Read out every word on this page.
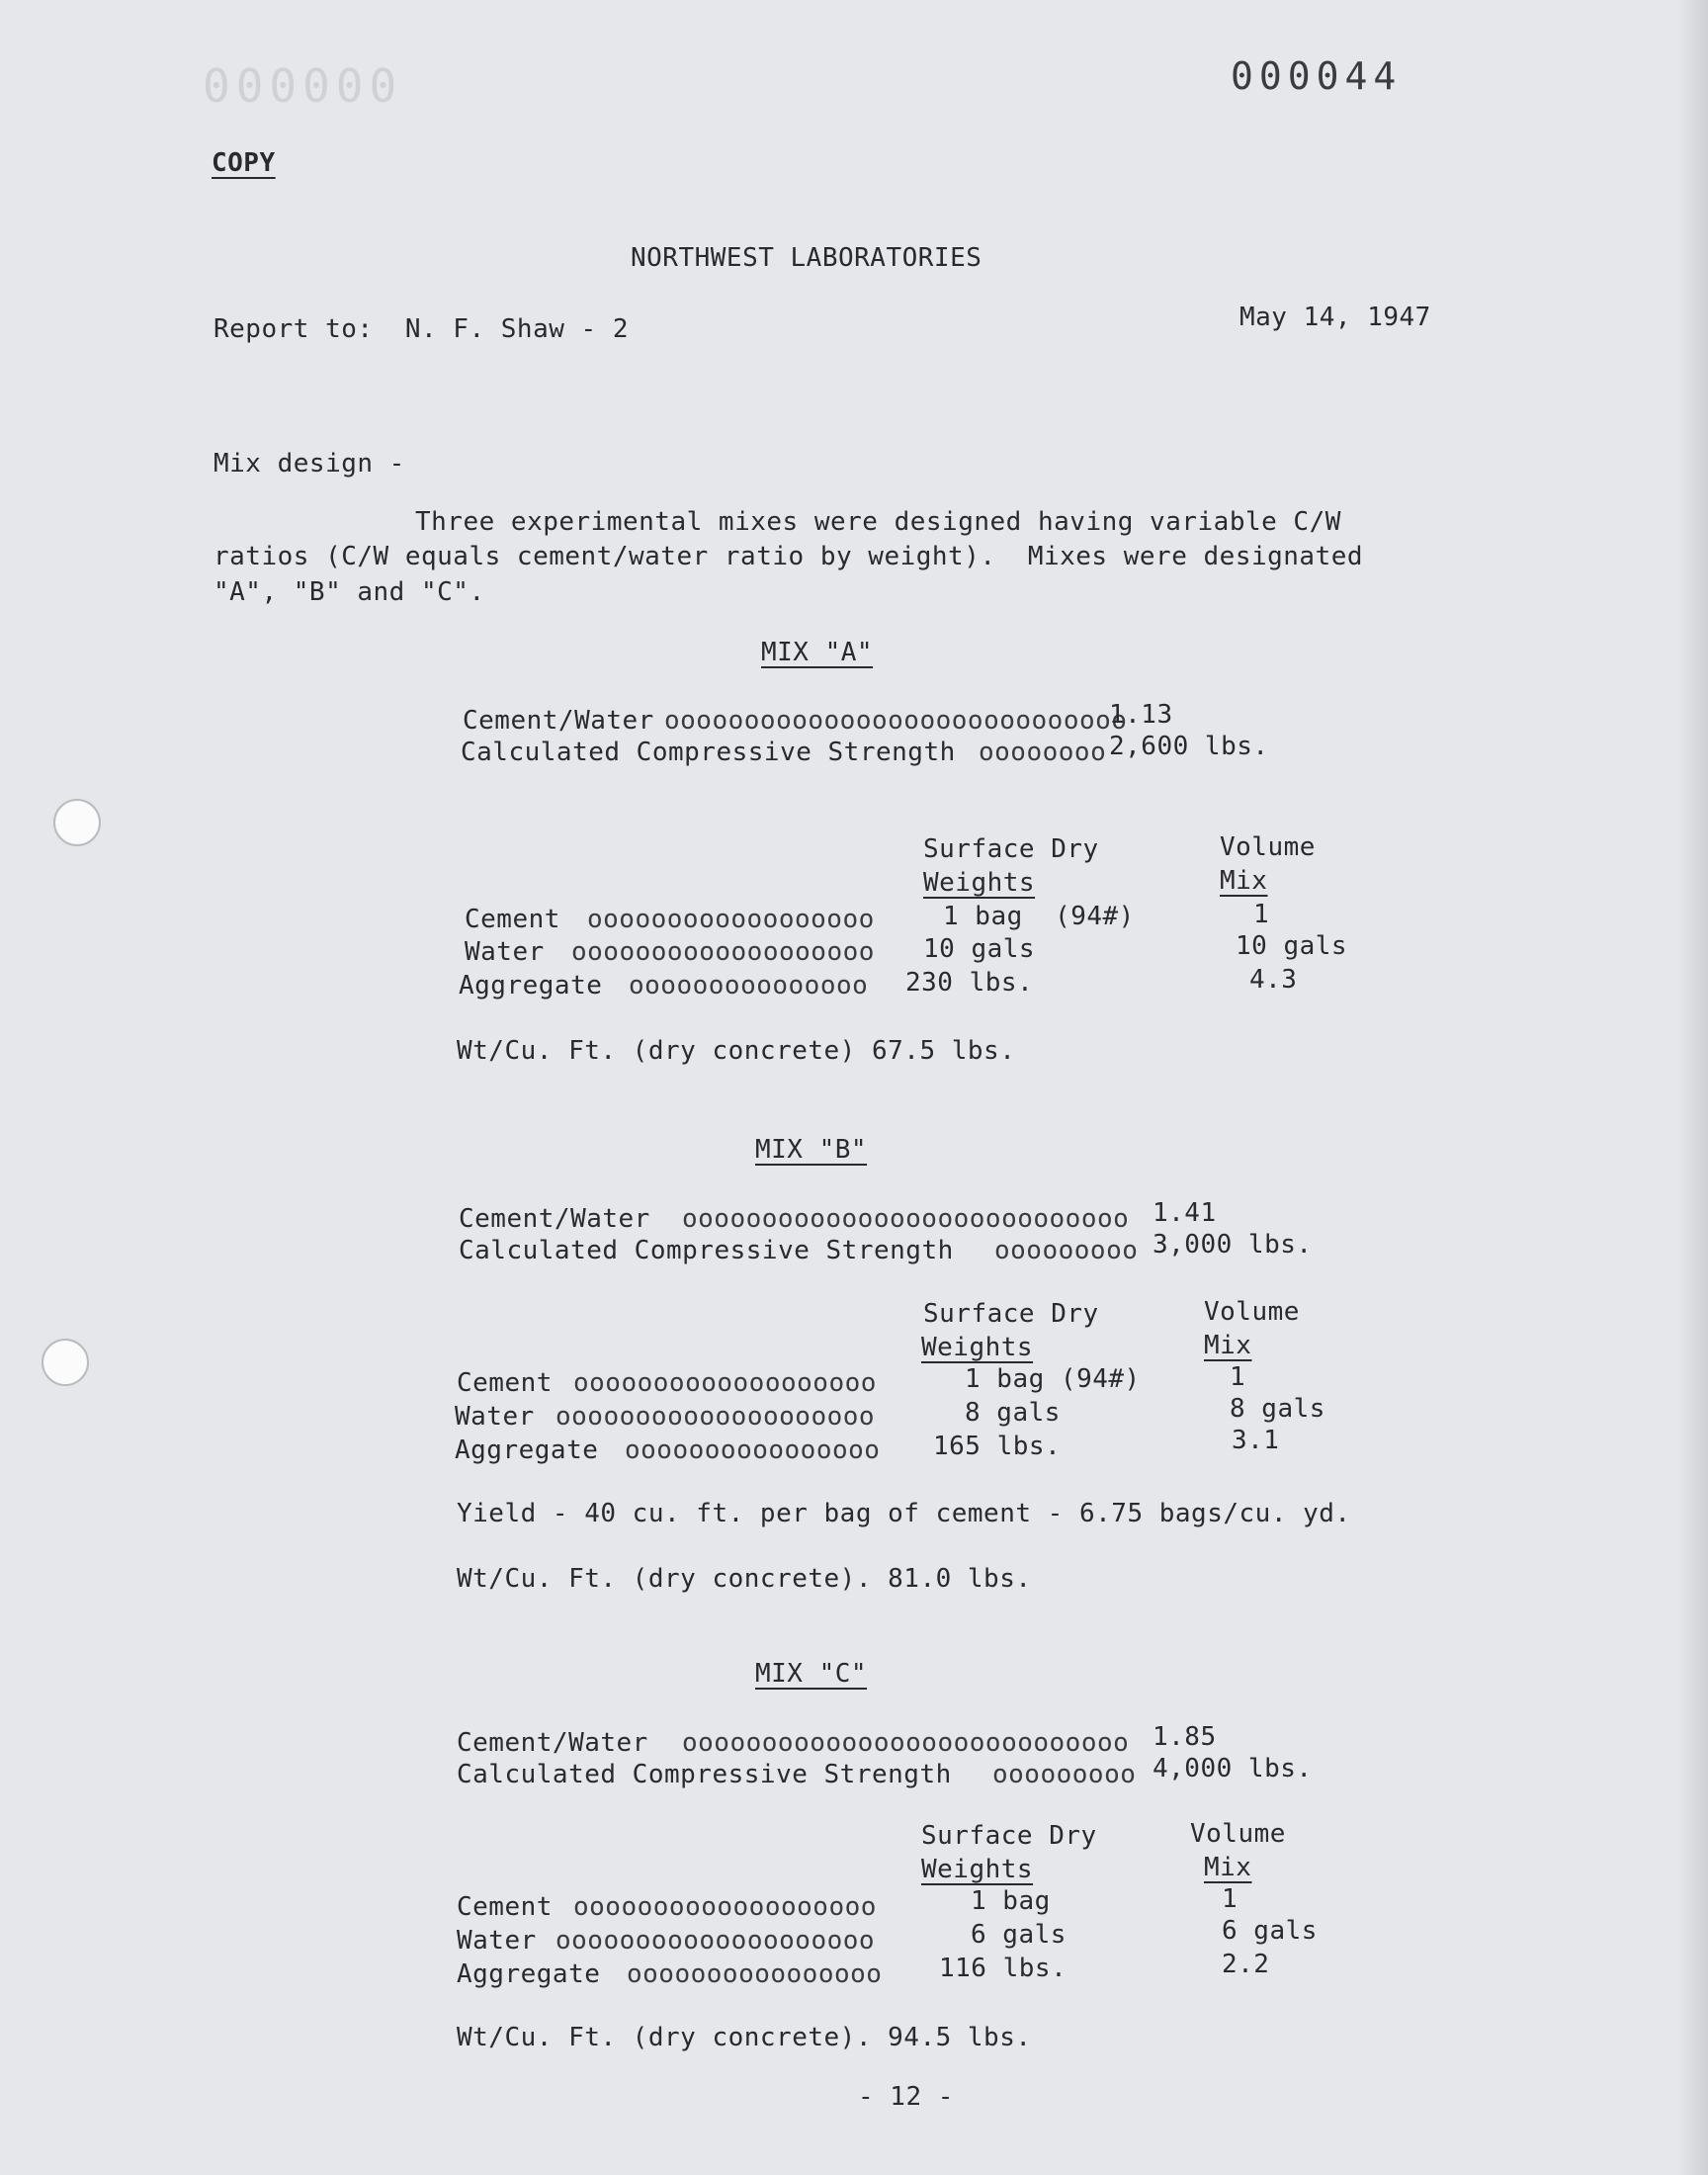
000000	000044
COPY
NORTHWEST LABORATORIES
Report to:  N. F. Shaw - 2	May 14, 1947
Mix design -
Three experimental mixes were designed having variable C/W
ratios (C/W equals cement/water ratio by weight).  Mixes were designated
"A", "B" and "C".
MIX "A"
Cement/Water ooooooooooooooooooooooooooooo
1.13
Calculated Compressive Strength oooooooo 2,600 lbs.
Surface Dry
Weights
Volume
Mix
Cement oooooooooooooooooo	1 bag  (94#)	1
Water ooooooooooooooooooo 10 gals	10 gals
Aggregate ooooooooooooooo 230 lbs.	4.3
Wt/Cu. Ft. (dry concrete) 67.5 lbs.
MIX "B"
Cement/Water oooooooooooooooooooooooooooo 1.41
Calculated Compressive Strength ooooooooo 3,000 lbs.
Surface Dry
Weights
Volume
Mix
Cement ooooooooooooooooooo	1 bag (94#)	1
Water oooooooooooooooooooo	8 gals	8 gals
Aggregate oooooooooooooooo 165 lbs.	3.1
Yield - 40 cu. ft. per bag of cement - 6.75 bags/cu. yd.
Wt/Cu. Ft. (dry concrete). 81.0 lbs.
MIX "C"
Cement/Water oooooooooooooooooooooooooooo 1.85
Calculated Compressive Strength ooooooooo 4,000 lbs.
Surface Dry
Weights
Volume
Mix
Cement ooooooooooooooooooo	1 bag	1
Water oooooooooooooooooooo	6 gals	6 gals
Aggregate oooooooooooooooo 116 lbs.	2.2
Wt/Cu. Ft. (dry concrete). 94.5 lbs.
- 12 -
